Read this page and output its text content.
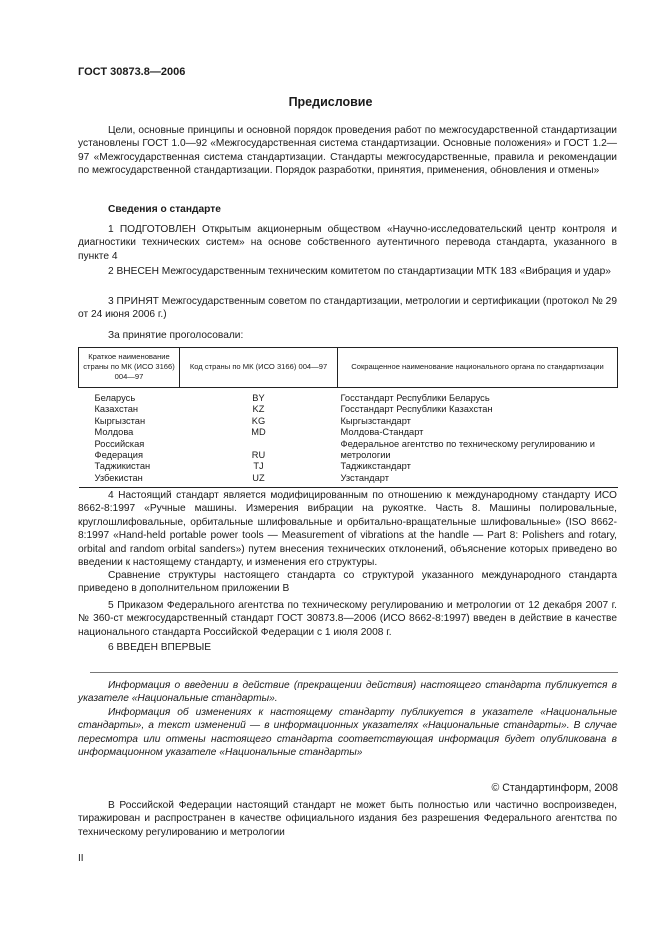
ГОСТ 30873.8—2006
Предисловие

Цели, основные принципы и основной порядок проведения работ по межгосударственной стандартизации установлены ГОСТ 1.0—92 «Межгосударственная система стандартизации. Основные положения» и ГОСТ 1.2—97 «Межгосударственная система стандартизации. Стандарты межгосударственные, правила и рекомендации по межгосударственной стандартизации. Порядок разработки, принятия, применения, обновления и отмены»

Сведения о стандарте

1 ПОДГОТОВЛЕН Открытым акционерным обществом «Научно-исследовательский центр контроля и диагностики технических систем» на основе собственного аутентичного перевода стандарта, указанного в пункте 4

2 ВНЕСЕН Межгосударственным техническим комитетом по стандартизации МТК 183 «Вибрация и удар»

3 ПРИНЯТ Межгосударственным советом по стандартизации, метрологии и сертификации (протокол № 29 от 24 июня 2006 г.)

За принятие проголосовали:

Краткое наименование страны по МК (ИСО 3166) 004—97	Код страны по МК (ИСО 3166) 004—97	Сокращенное наименование национального органа по стандартизации
Беларусь	BY	Госстандарт Республики Беларусь
Казахстан	KZ	Госстандарт Республики Казахстан
Кыргызстан	KG	Кыргызстандарт
Молдова	MD	Молдова-Стандарт
Российская Федерация	RU	Федеральное агентство по техническому регулированию и метрологии
Таджикистан	TJ	Таджикстандарт
Узбекистан	UZ	Узстандарт

4 Настоящий стандарт является модифицированным по отношению к международному стандарту ИСО 8662-8:1997 «Ручные машины. Измерения вибрации на рукоятке. Часть 8. Машины полировальные, круглошлифовальные, орбитальные шлифовальные и орбитально-вращательные шлифовальные» (ISO 8662-8:1997 «Hand-held portable power tools — Measurement of vibrations at the handle — Part 8: Polishers and rotary, orbital and random orbital sanders») путем внесения технических отклонений, объяснение которых приведено во введении к настоящему стандарту, и изменения его структуры.

Сравнение структуры настоящего стандарта со структурой указанного международного стандарта приведено в дополнительном приложении В

5 Приказом Федерального агентства по техническому регулированию и метрологии от 12 декабря 2007 г. № 360-ст межгосударственный стандарт ГОСТ 30873.8—2006 (ИСО 8662-8:1997) введен в действие в качестве национального стандарта Российской Федерации с 1 июля 2008 г.

6 ВВЕДЕН ВПЕРВЫЕ

Информация о введении в действие (прекращении действия) настоящего стандарта публикуется в указателе «Национальные стандарты».

Информация об изменениях к настоящему стандарту публикуется в указателе «Национальные стандарты», а текст изменений — в информационных указателях «Национальные стандарты». В случае пересмотра или отмены настоящего стандарта соответствующая информация будет опубликована в информационном указателе «Национальные стандарты»

© Стандартинформ, 2008

В Российской Федерации настоящий стандарт не может быть полностью или частично воспроизведен, тиражирован и распространен в качестве официального издания без разрешения Федерального агентства по техническому регулированию и метрологии

II
